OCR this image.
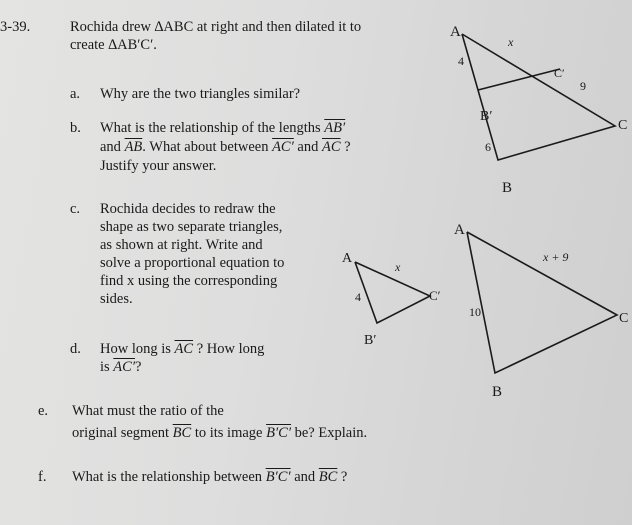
3-39.	Rochida drew ∆ABC at right and then dilated it to
create ∆AB′C′.
a. Why are the two triangles similar?
b. What is the relationship of the lengths AB′
and $\overline{AB}$. What about between AC′ and $\overline{AC}$ ?
Justify your answer.
c. Rochida decides to redraw the
shape as two separate triangles,
as shown at right. Write and
solve a proportional equation to
find x using the corresponding
sides.
d. How long is $\overline{AC}$ ? How long
is AC′?
e. What must the ratio of the
original segment $\overline{BC}$ to its image B′C′ be? Explain.
f. What is the relationship between B′C′ and $\overline{BC}$ ?
A
x
4
C′
9
B′
C
6
B
A
x
4	C′
B′
A
x + 9
10	C
B
